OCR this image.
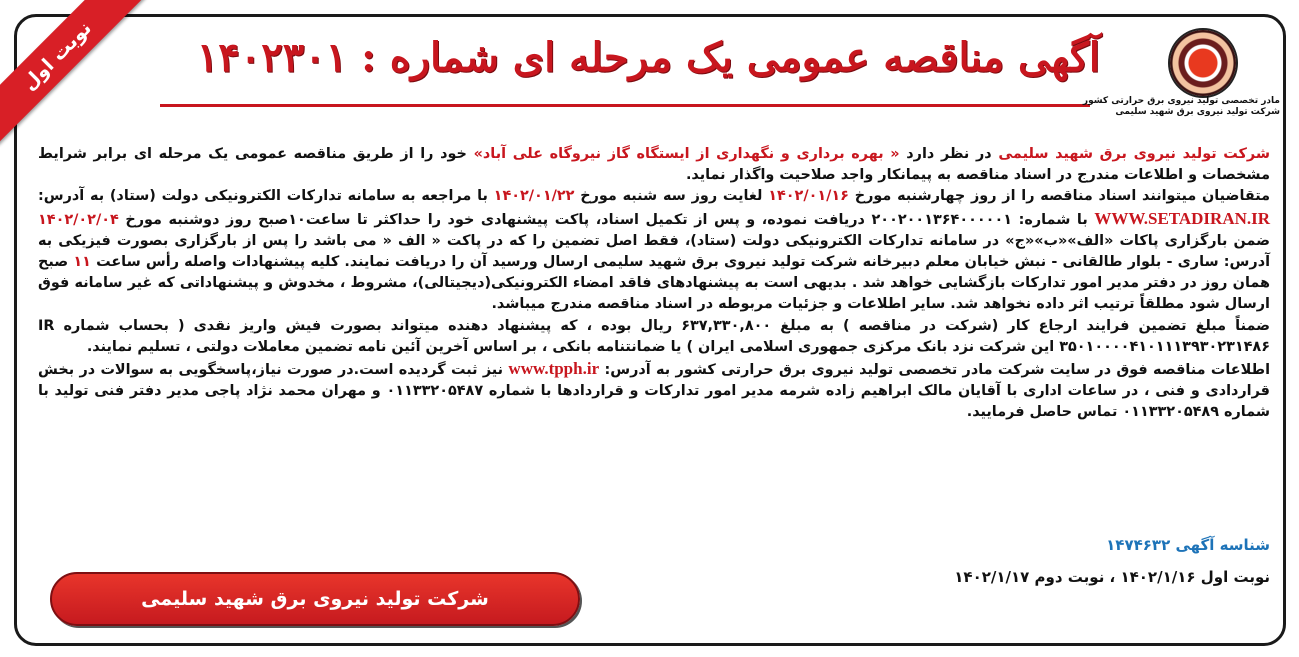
نوبت اول	آگهی مناقصه عمومی یک مرحله ای شماره : ۱۴۰۲۳۰۱
مادر تخصصی تولید نیروی برق حرارتی کشور
شرکت تولید نیروی برق شهید سلیمی

شرکت تولید نیروی برق شهید سلیمی در نظر دارد « بهره برداری و نگهداری از ایستگاه گاز نیروگاه علی آباد» خود را از طریق مناقصه عمومی یک مرحله ای برابر شرایط مشخصات و اطلاعات مندرج در اسناد مناقصه به پیمانکار واجد صلاحیت واگذار نماید.

متقاضیان میتوانند اسناد مناقصه را از روز چهارشنبه مورخ ۱۴۰۲/۰۱/۱۶ لغایت روز سه شنبه مورخ ۱۴۰۲/۰۱/۲۲ با مراجعه به سامانه تدارکات الکترونیکی دولت (ستاد) به آدرس: WWW.SETADIRAN.IR با شماره: ۲۰۰۲۰۰۱۳۶۴۰۰۰۰۰۱ دریافت نموده، و پس از تکمیل اسناد، پاکت پیشنهادی خود را حداکثر تا ساعت۱۰صبح روز دوشنبه مورخ ۱۴۰۲/۰۲/۰۴ ضمن بارگزاری پاکات «الف»«ب»«ج» در سامانه تدارکات الکترونیکی دولت (ستاد)، فقط اصل تضمین را که در پاکت « الف « می باشد را پس از بارگزاری بصورت فیزیکی به آدرس: ساری - بلوار طالقانی - نبش خیابان معلم دبیرخانه شرکت تولید نیروی برق شهید سلیمی ارسال ورسید آن را دریافت نمایند. کلیه پیشنهادات واصله رأس ساعت ۱۱ صبح همان روز در دفتر مدیر امور تدارکات بازگشایی خواهد شد . بدیهی است به پیشنهادهای فاقد امضاء الکترونیکی(دیجیتالی)، مشروط ، مخدوش و پیشنهاداتی که غیر سامانه فوق ارسال شود مطلقاً ترتیب اثر داده نخواهد شد. سایر اطلاعات و جزئیات مربوطه در اسناد مناقصه مندرج میباشد.

ضمناً مبلغ تضمین فرایند ارجاع کار (شرکت در مناقصه ) به مبلغ ۶۳۷,۳۳۰,۸۰۰ ریال بوده ، که پیشنهاد دهنده میتواند بصورت فیش واریز نقدی ( بحساب شماره IR ۳۵۰۱۰۰۰۰۴۱۰۱۱۱۳۹۳۰۲۳۱۴۸۶ این شرکت نزد بانک مرکزی جمهوری اسلامی ایران ) یا ضمانتنامه بانکی ، بر اساس آخرین آئین نامه تضمین معاملات دولتی ، تسلیم نمایند.

اطلاعات مناقصه فوق در سایت شرکت مادر تخصصی تولید نیروی برق حرارتی کشور به آدرس: www.tpph.ir نیز ثبت گردیده است.در صورت نیاز،پاسخگویی به سوالات در بخش قراردادی و فنی ، در ساعات اداری با آقایان مالک ابراهیم زاده شرمه مدیر امور تدارکات و قراردادها با شماره ۰۱۱۳۳۲۰۵۴۸۷ و مهران محمد نژاد پاجی مدیر دفتر فنی تولید با شماره ۰۱۱۳۳۲۰۵۴۸۹ تماس حاصل فرمایید.

شناسه آگهی ۱۴۷۴۶۳۲
نوبت اول ۱۴۰۲/۱/۱۶ ، نوبت دوم ۱۴۰۲/۱/۱۷
شرکت تولید نیروی برق شهید سلیمی
